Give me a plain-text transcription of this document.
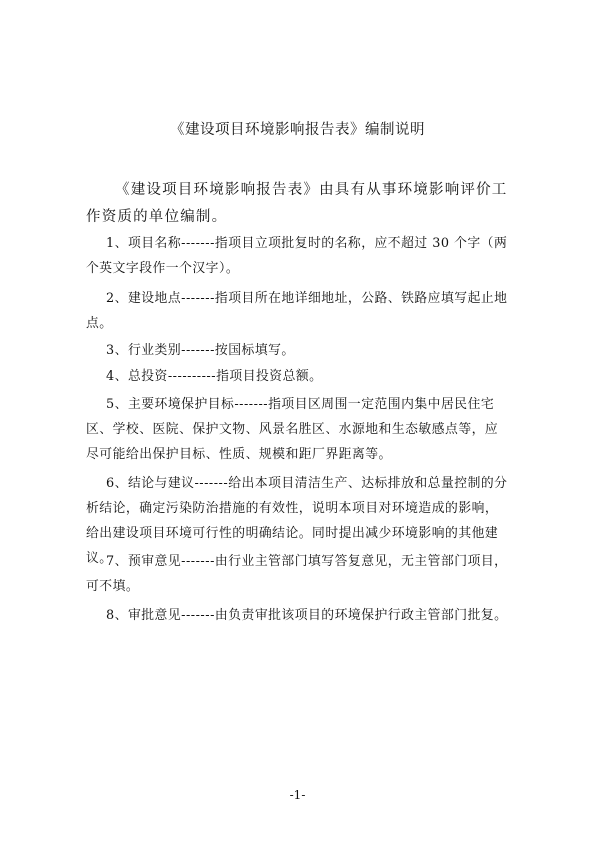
《建设项目环境影响报告表》编制说明
《建设项目环境影响报告表》由具有从事环境影响评价工作资质的单位编制。
1、项目名称-------指项目立项批复时的名称，应不超过 30 个字（两个英文字段作一个汉字）。
2、建设地点-------指项目所在地详细地址，公路、铁路应填写起止地点。
3、行业类别-------按国标填写。
4、总投资----------指项目投资总额。
5、主要环境保护目标-------指项目区周围一定范围内集中居民住宅区、学校、医院、保护文物、风景名胜区、水源地和生态敏感点等，应尽可能给出保护目标、性质、规模和距厂界距离等。
6、结论与建议-------给出本项目清洁生产、达标排放和总量控制的分析结论，确定污染防治措施的有效性，说明本项目对环境造成的影响，给出建设项目环境可行性的明确结论。同时提出减少环境影响的其他建议。
7、预审意见-------由行业主管部门填写答复意见，无主管部门项目，可不填。
8、审批意见-------由负责审批该项目的环境保护行政主管部门批复。
-1-
